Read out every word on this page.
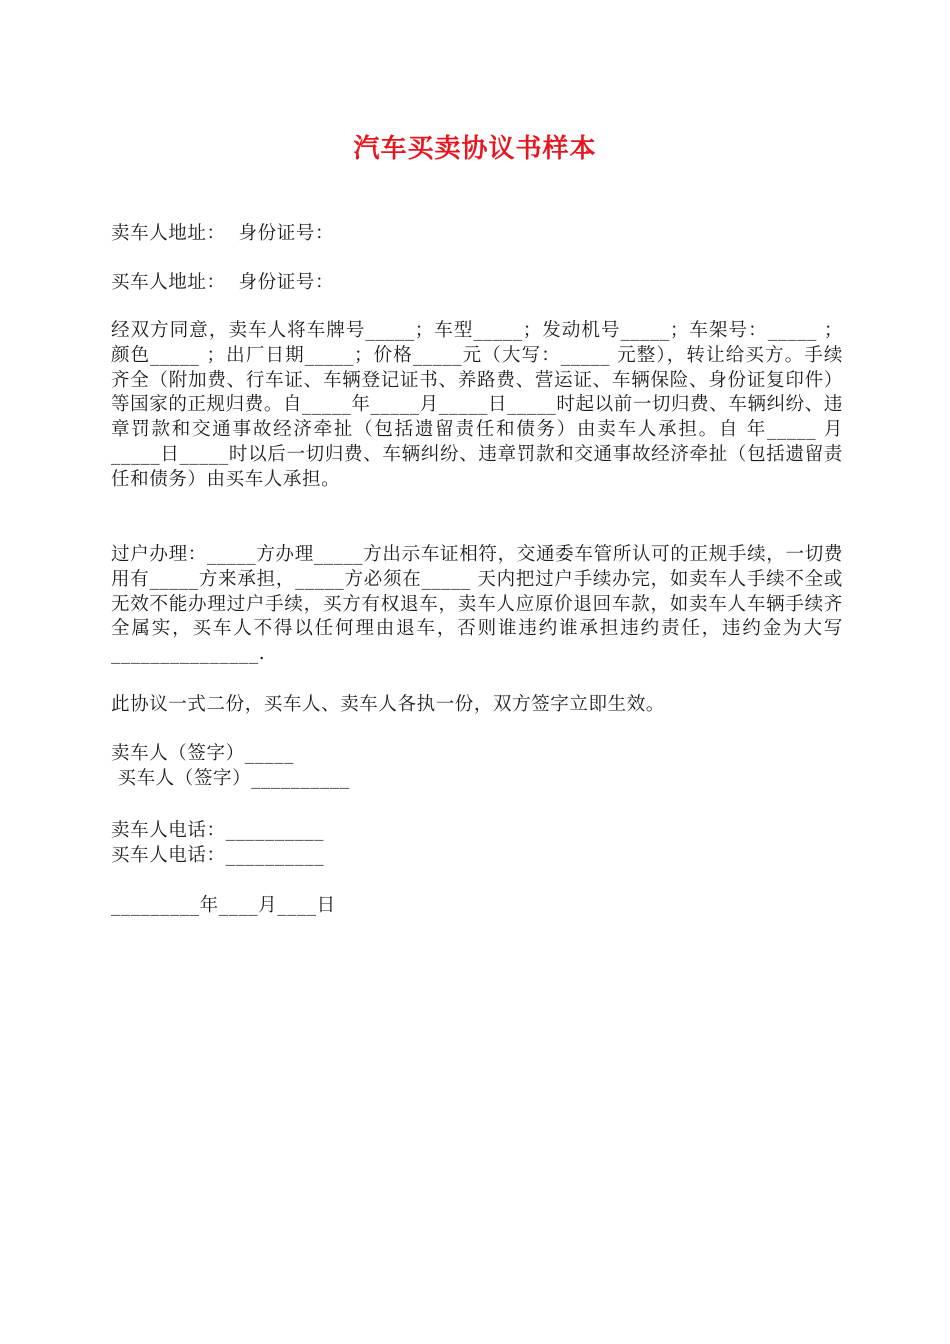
汽车买卖协议书样本
卖车人地址：  身份证号：
买车人地址：  身份证号：
经双方同意，卖车人将车牌号_____；车型_____；发动机号_____；车架号：_____ ；颜色_____ ；出厂日期_____；价格_____元（大写：_____ 元整），转让给买方。手续齐全（附加费、行车证、车辆登记证书、养路费、营运证、车辆保险、身份证复印件）等国家的正规归费。自_____年_____月_____日_____时起以前一切归费、车辆纠纷、违章罚款和交通事故经济牵扯（包括遗留责任和债务）由卖车人承担。自 年_____ 月_____日_____时以后一切归费、车辆纠纷、违章罚款和交通事故经济牵扯（包括遗留责任和债务）由买车人承担。
过户办理：_____方办理_____方出示车证相符，交通委车管所认可的正规手续，一切费用有_____方来承担，_____方必须在_____ 天内把过户手续办完，如卖车人手续不全或无效不能办理过户手续，买方有权退车，卖车人应原价退回车款，如卖车人车辆手续齐全属实，买车人不得以任何理由退车，否则谁违约谁承担违约责任，违约金为大写_______________.
此协议一式二份，买车人、卖车人各执一份，双方签字立即生效。
卖车人（签字）_____
买车人（签字）__________
卖车人电话：__________
买车人电话：__________
_________年____月____日
